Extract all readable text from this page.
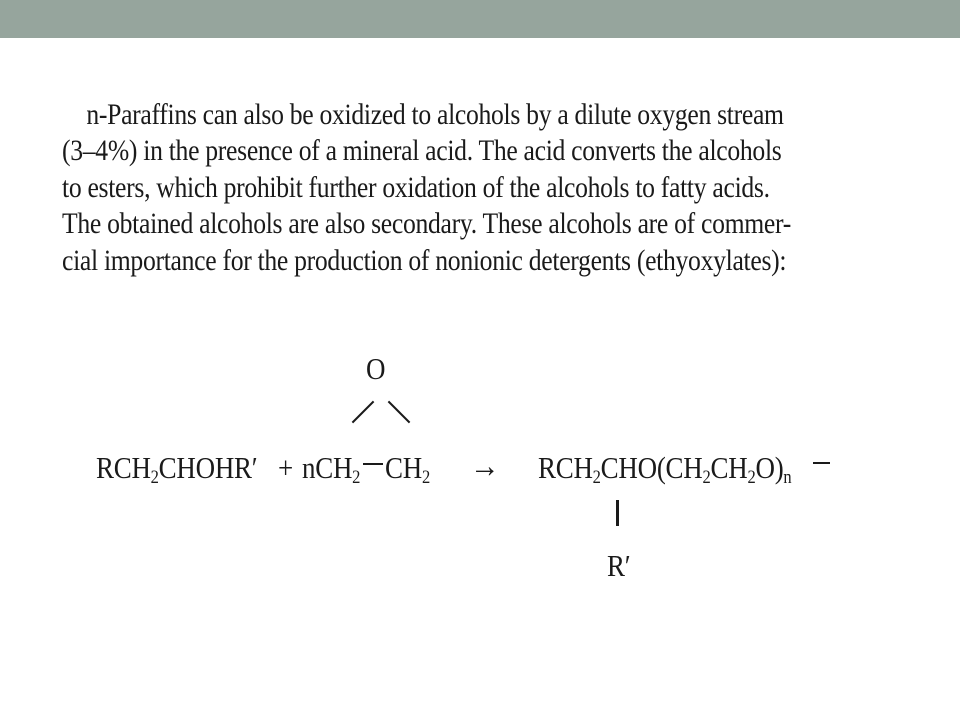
n-Paraffins can also be oxidized to alcohols by a dilute oxygen stream
(3–4%) in the presence of a mineral acid. The acid converts the alcohols
to esters, which prohibit further oxidation of the alcohols to fatty acids.
The obtained alcohols are also secondary. These alcohols are of commer-
cial importance for the production of nonionic detergents (ethyoxylates):
O
$RCH_2CHOHR' + nCH_2$ $CH_2 \to RCH_2CHO(CH_2CH_2O)_n$
R′
